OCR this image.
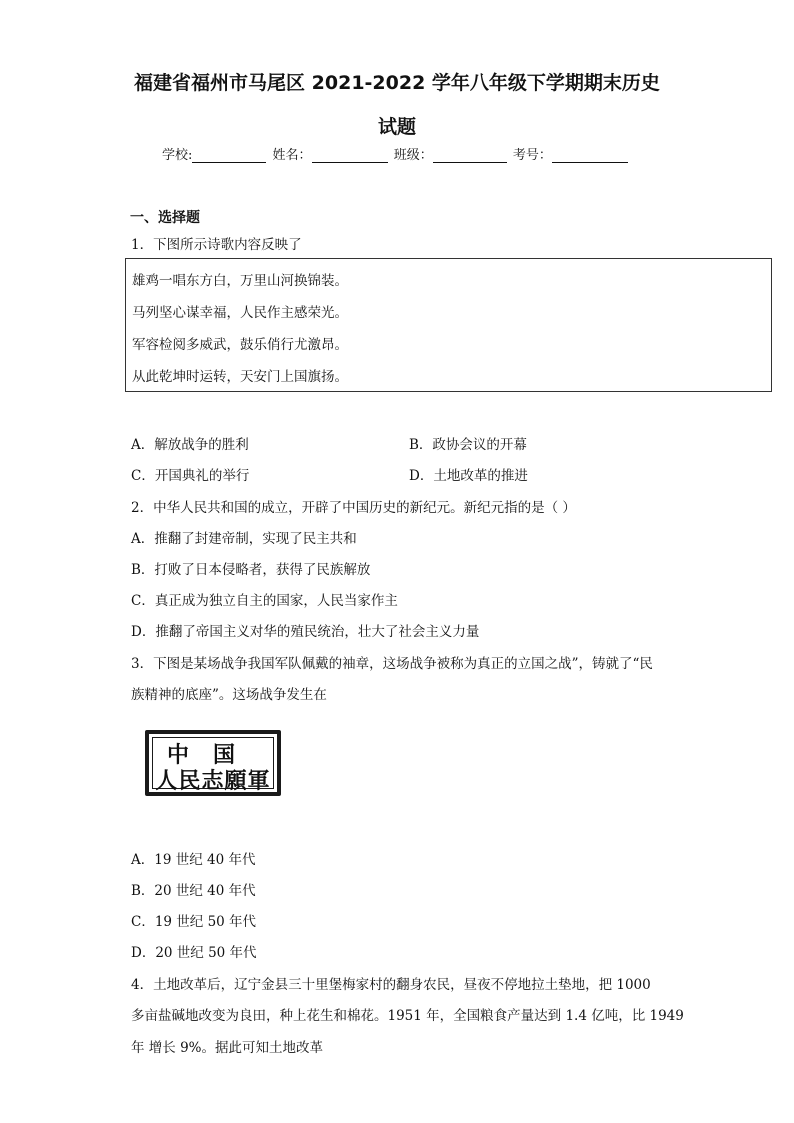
福建省福州市马尾区 2021-2022 学年八年级下学期期末历史
试题
学校:	姓名：	班级：	考号：
一、选择题
1．下图所示诗歌内容反映了
雄鸡一唱东方白，万里山河换锦装。
马列坚心谋幸福，人民作主感荣光。
军容检阅多威武，鼓乐俏行尤激昂。
从此乾坤时运转，天安门上国旗扬。
A．解放战争的胜利	B．政协会议的开幕
C．开国典礼的举行	D．土地改革的推进
2．中华人民共和国的成立，开辟了中国历史的新纪元。新纪元指的是（ ）
A．推翻了封建帝制，实现了民主共和
B．打败了日本侵略者，获得了民族解放
C．真正成为独立自主的国家，人民当家作主
D．推翻了帝国主义对华的殖民统治，壮大了社会主义力量
3．下图是某场战争我国军队佩戴的袖章，这场战争被称为真正的立国之战”，铸就了“民
族精神的底座”。这场战争发生在
中国
人民志願軍
A．19 世纪 40 年代
B．20 世纪 40 年代
C．19 世纪 50 年代
D．20 世纪 50 年代
4．土地改革后，辽宁金县三十里堡梅家村的翻身农民，昼夜不停地拉土垫地，把 1000
多亩盐碱地改变为良田，种上花生和棉花。1951 年，全国粮食产量达到 1.4 亿吨，比 1949
年 增长 9%。据此可知土地改革
